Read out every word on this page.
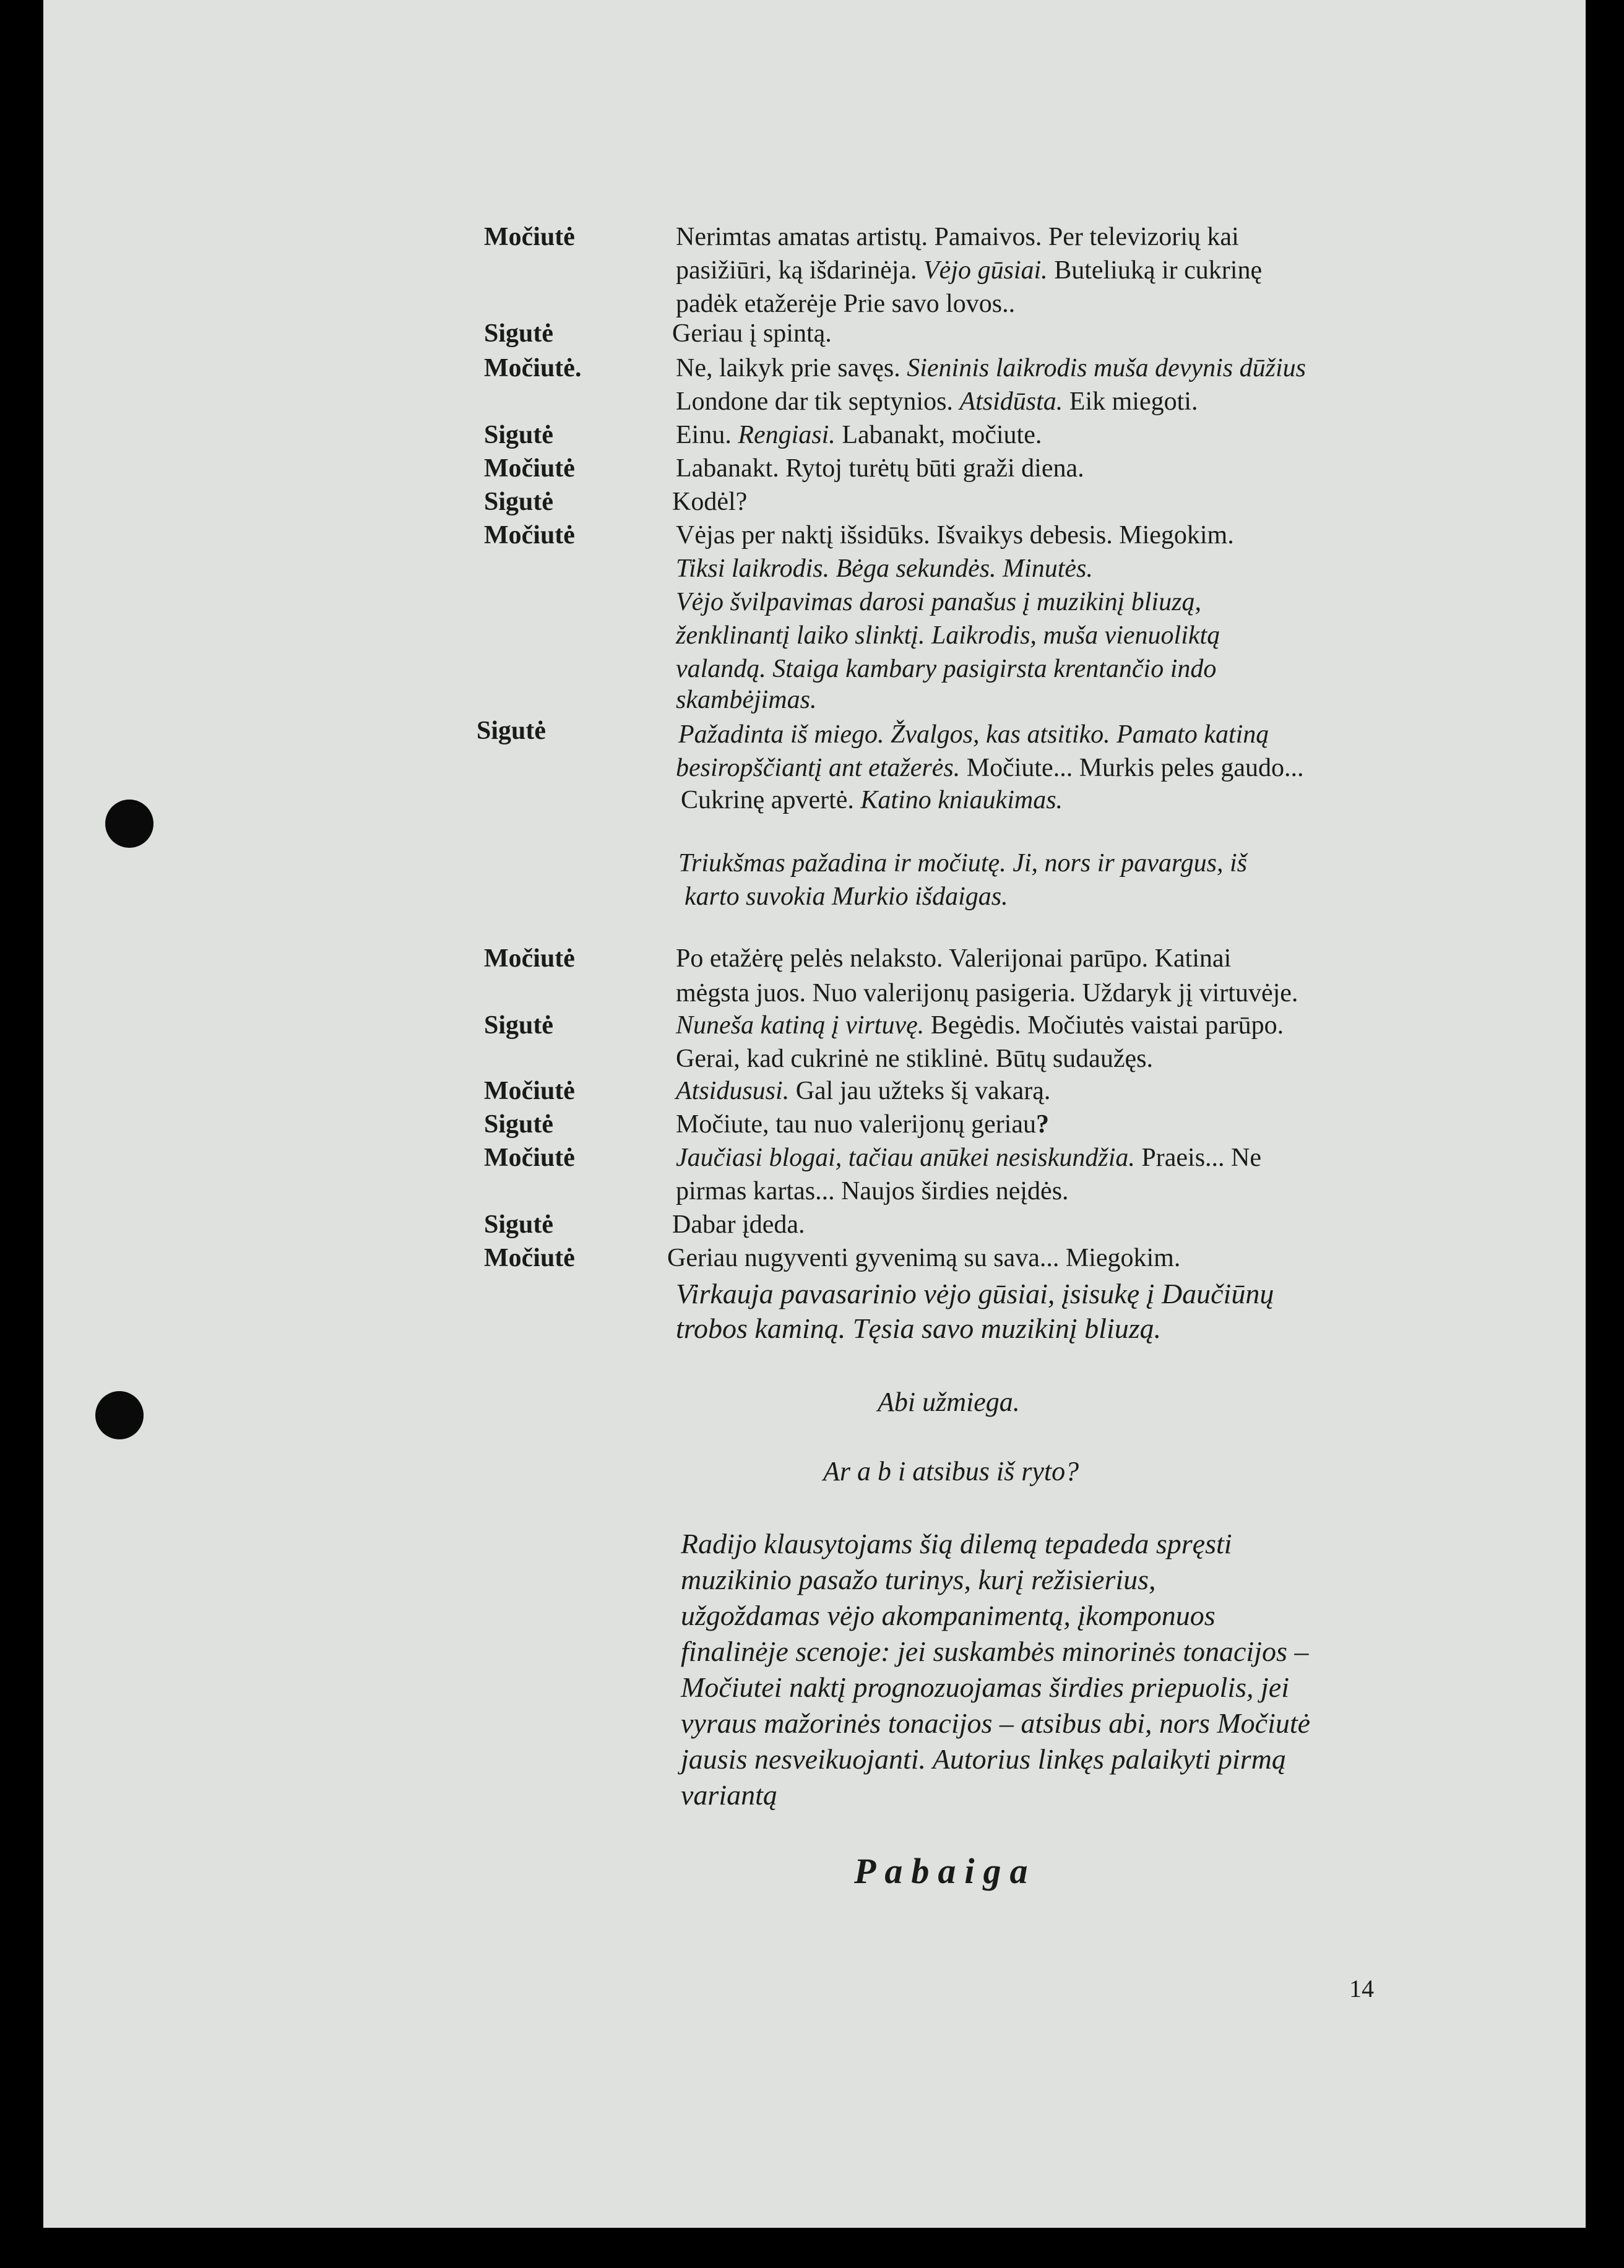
Močiutė
Sigutė
Močiutė.
Sigutė
Močiutė
Sigutė
Močiutė
Sigutė
Močiutė
Sigutė
Močiutė
Sigutė
Močiutė
Sigutė
Močiutė
Nerimtas amatas artistų. Pamaivos. Per televizorių kai
pasižiūri, ką išdarinėja. Vėjo gūsiai. Buteliuką ir cukrinę
padėk etažerėje Prie savo lovos..
Geriau į spintą.
Ne, laikyk prie savęs. Sieninis laikrodis muša devynis dūžius
Londone dar tik septynios. Atsidūsta. Eik miegoti.
Einu. Rengiasi. Labanakt, močiute.
Labanakt. Rytoj turėtų būti graži diena.
Kodėl?
Vėjas per naktį išsidūks. Išvaikys debesis. Miegokim.
Tiksi laikrodis. Bėga sekundės. Minutės.
Vėjo švilpavimas darosi panašus į muzikinį bliuzą,
ženklinantį laiko slinktį. Laikrodis, muša vienuoliktą
valandą. Staiga kambary pasigirsta krentančio indo
skambėjimas.
Pažadinta iš miego. Žvalgos, kas atsitiko. Pamato katiną
besiropščiantį ant etažerės. Močiute... Murkis peles gaudo...
Cukrinę apvertė. Katino kniaukimas.
Triukšmas pažadina ir močiutę. Ji, nors ir pavargus, iš
karto suvokia Murkio išdaigas.
Po etažėrę pelės nelaksto. Valerijonai parūpo. Katinai
mėgsta juos. Nuo valerijonų pasigeria. Uždaryk jį virtuvėje.
Nuneša katiną į virtuvę. Begėdis. Močiutės vaistai parūpo.
Gerai, kad cukrinė ne stiklinė. Būtų sudaužęs.
Atsidususi. Gal jau užteks šį vakarą.
Močiute, tau nuo valerijonų geriau?
Jaučiasi blogai, tačiau anūkei nesiskundžia. Praeis... Ne
pirmas kartas... Naujos širdies neįdės.
Dabar įdeda.
Geriau nugyventi gyvenimą su sava... Miegokim.
Virkauja pavasarinio vėjo gūsiai, įsisukę į Daučiūnų
trobos kaminą. Tęsia savo muzikinį bliuzą.
Abi užmiega.
Ar a b i atsibus iš ryto?
Radijo klausytojams šią dilemą tepadeda spręsti
muzikinio pasažo turinys, kurį režisierius,
užgoždamas vėjo akompanimentą, įkomponuos
finalinėje scenoje: jei suskambės minorinės tonacijos –
Močiutei naktį prognozuojamas širdies priepuolis, jei
vyraus mažorinės tonacijos – atsibus abi, nors Močiutė
jausis nesveikuojanti. Autorius linkęs palaikyti pirmą
variantą
Pabaiga
14
